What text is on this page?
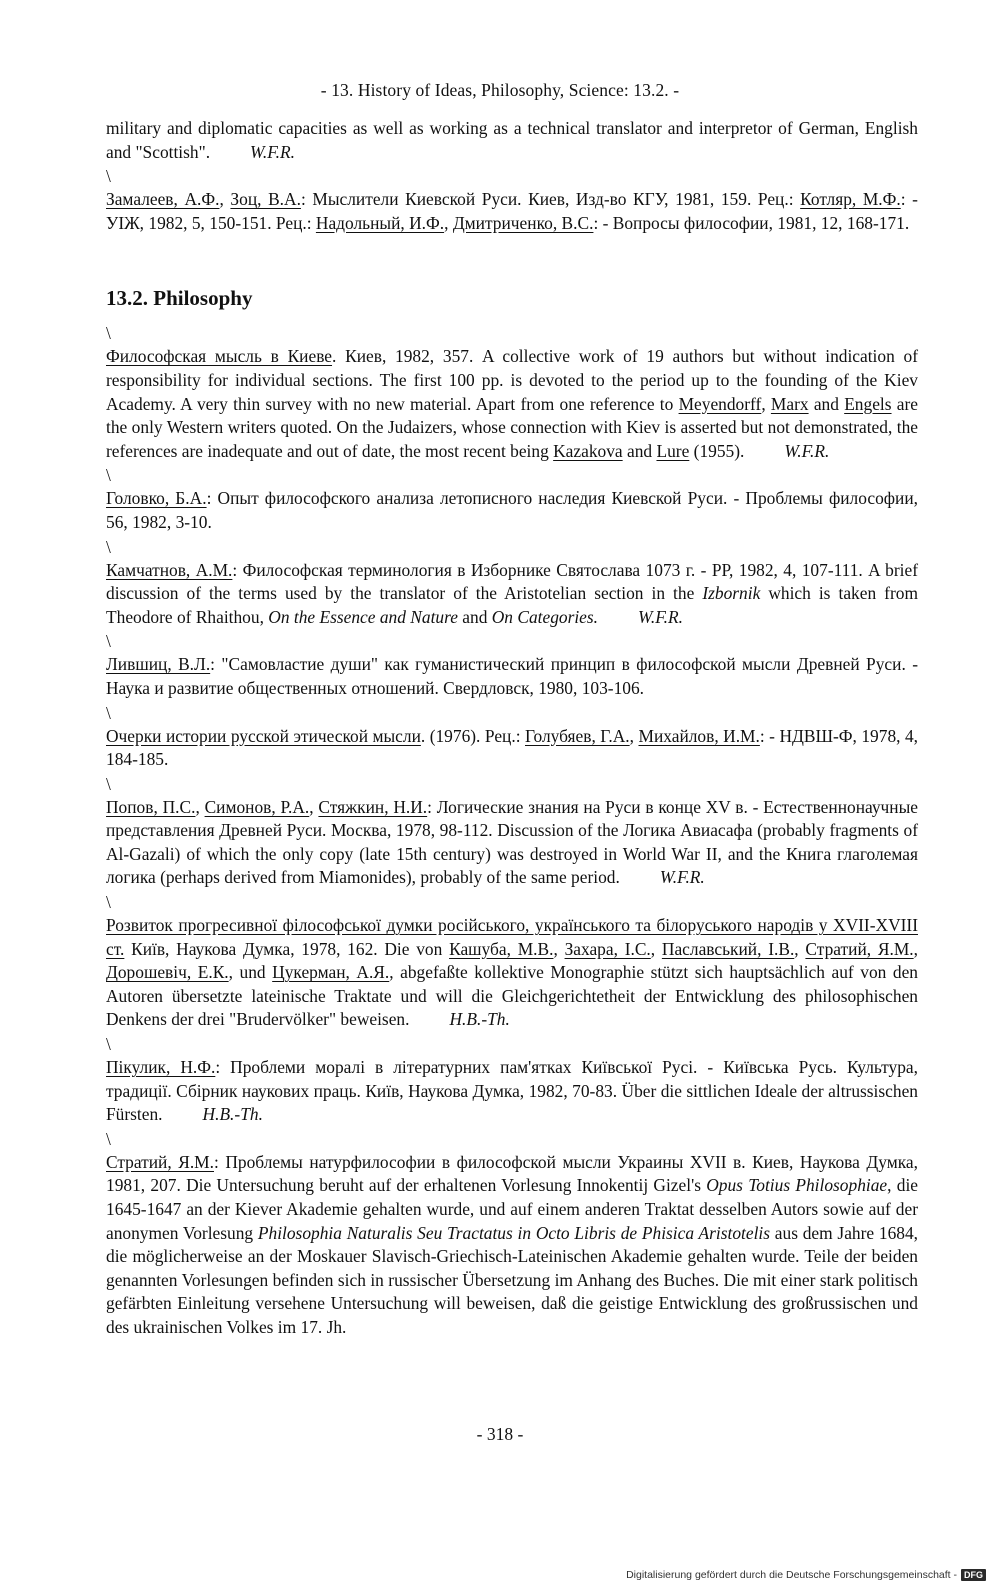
- 13. History of Ideas, Philosophy, Science: 13.2. -

military and diplomatic capacities as well as working as a technical translator and interpretor of German, English and "Scottish". W.F.R.

\

Замалеев, А.Ф., Зоц, В.А.: Мыслители Киевской Руси. Киев, Изд-во КГУ, 1981, 159. Рец.: Котляр, М.Ф.: - УІЖ, 1982, 5, 150-151. Рец.: Надольный, И.Ф., Дмитриченко, В.С.: - Вопросы философии, 1981, 12, 168-171.

13.2. Philosophy

\

Философская мысль в Киеве. Киев, 1982, 357. A collective work of 19 authors but without indication of responsibility for individual sections. The first 100 pp. is devoted to the period up to the founding of the Kiev Academy. A very thin survey with no new material. Apart from one reference to Meyendorff, Marx and Engels are the only Western writers quoted. On the Judaizers, whose connection with Kiev is asserted but not demonstrated, the references are inadequate and out of date, the most recent being Kazakova and Lure (1955). W.F.R.

\

Головко, Б.А.: Опыт философского анализа летописного наследия Киевской Руси. - Проблемы философии, 56, 1982, 3-10.

\

Камчатнов, А.М.: Философская терминология в Изборнике Святослава 1073 г. - РР, 1982, 4, 107-111. A brief discussion of the terms used by the translator of the Aristotelian section in the Izbornik which is taken from Theodore of Rhaithou, On the Essence and Nature and On Categories. W.F.R.

\

Лившиц, В.Л.: "Самовластие души" как гуманистический принцип в философской мысли Древней Руси. - Наука и развитие общественных отношений. Свердловск, 1980, 103-106.

\

Очерки истории русской этической мысли. (1976). Рец.: Голубяев, Г.А., Михайлов, И.М.: - НДВШ-Ф, 1978, 4, 184-185.

\

Попов, П.С., Симонов, Р.А., Стяжкин, Н.И.: Логические знания на Руси в конце XV в. - Естественнонаучные представления Древней Руси. Москва, 1978, 98-112. Discussion of the Логика Авиасафа (probably fragments of Al-Gazali) of which the only copy (late 15th century) was destroyed in World War II, and the Книга глаголемая логика (perhaps derived from Miamonides), probably of the same period. W.F.R.

\

Розвиток прогресивної філософської думки російського, українського та білоруського народів у XVII-XVIII ст. Київ, Наукова Думка, 1978, 162. Die von Кашуба, М.В., Захара, І.С., Паславський, І.В., Стратий, Я.М., Дорошевіч, Е.К., und Цукерман, А.Я., abgefaßte kollektive Monographie stützt sich hauptsächlich auf von den Autoren übersetzte lateinische Traktate und will die Gleichgerichtetheit der Entwicklung des philosophischen Denkens der drei "Brudervölker" beweisen. H.B.-Th.

\

Пікулик, Н.Ф.: Проблеми моралі в літературних пам'ятках Київської Русі. - Київська Русь. Культура, традиції. Сбірник наукових праць. Київ, Наукова Думка, 1982, 70-83. Über die sittlichen Ideale der altrussischen Fürsten. H.B.-Th.

\

Стратий, Я.М.: Проблемы натурфилософии в философской мысли Украины XVII в. Киев, Наукова Думка, 1981, 207. Die Untersuchung beruht auf der erhaltenen Vorlesung Innokentij Gizel's Opus Totius Philosophiae, die 1645-1647 an der Kiever Akademie gehalten wurde, und auf einem anderen Traktat desselben Autors sowie auf der anonymen Vorlesung Philosophia Naturalis Seu Tractatus in Octo Libris de Phisica Aristotelis aus dem Jahre 1684, die möglicherweise an der Moskauer Slavisch-Griechisch-Lateinischen Akademie gehalten wurde. Teile der beiden genannten Vorlesungen befinden sich in russischer Übersetzung im Anhang des Buches. Die mit einer stark politisch gefärbten Einleitung versehene Untersuchung will beweisen, daß die geistige Entwicklung des großrussischen und des ukrainischen Volkes im 17. Jh.

- 318 -
Digitalisierung gefördert durch die Deutsche Forschungsgemeinschaft - DFG
